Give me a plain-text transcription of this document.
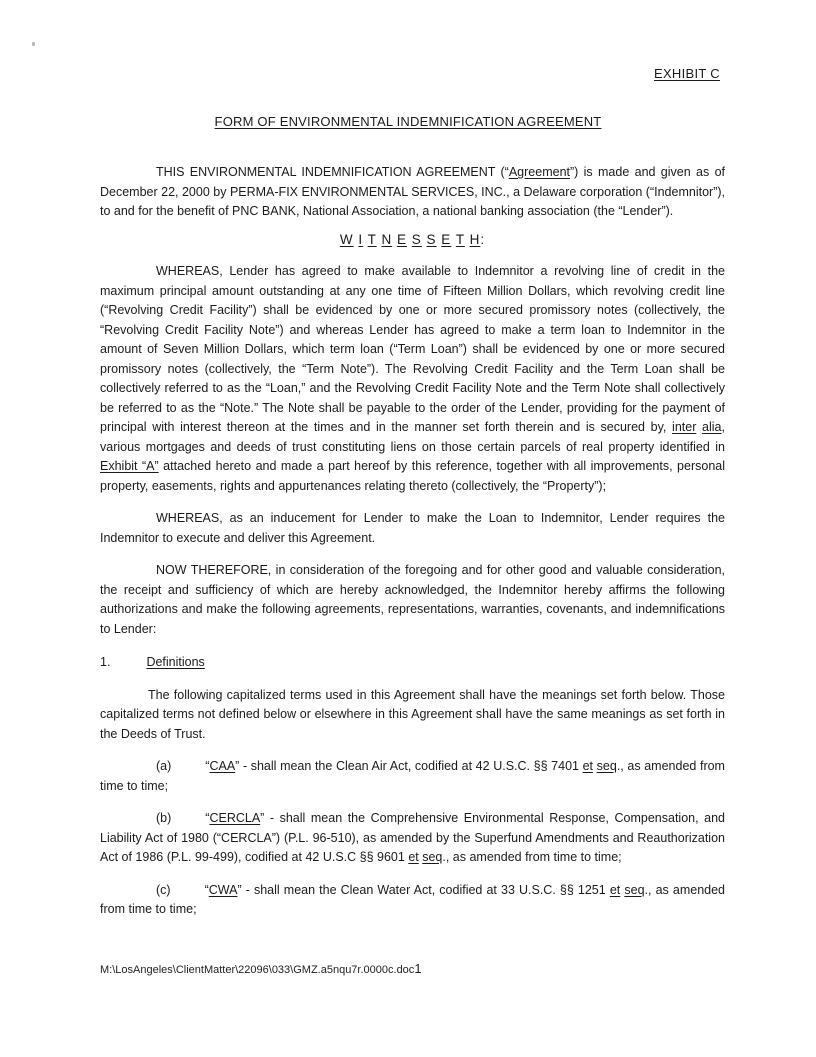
EXHIBIT C
FORM OF ENVIRONMENTAL INDEMNIFICATION AGREEMENT

THIS ENVIRONMENTAL INDEMNIFICATION AGREEMENT (“Agreement”) is made and given as of December 22, 2000 by PERMA-FIX ENVIRONMENTAL SERVICES, INC., a Delaware corporation (“Indemnitor”), to and for the benefit of PNC BANK, National Association, a national banking association (the “Lender”).

W I T N E S S E T H:

WHEREAS, Lender has agreed to make available to Indemnitor a revolving line of credit in the maximum principal amount outstanding at any one time of Fifteen Million Dollars, which revolving credit line (“Revolving Credit Facility”) shall be evidenced by one or more secured promissory notes (collectively, the “Revolving Credit Facility Note”) and whereas Lender has agreed to make a term loan to Indemnitor in the amount of Seven Million Dollars, which term loan (“Term Loan”) shall be evidenced by one or more secured promissory notes (collectively, the “Term Note”). The Revolving Credit Facility and the Term Loan shall be collectively referred to as the “Loan,” and the Revolving Credit Facility Note and the Term Note shall collectively be referred to as the “Note.” The Note shall be payable to the order of the Lender, providing for the payment of principal with interest thereon at the times and in the manner set forth therein and is secured by, inter alia, various mortgages and deeds of trust constituting liens on those certain parcels of real property identified in Exhibit “A” attached hereto and made a part hereof by this reference, together with all improvements, personal property, easements, rights and appurtenances relating thereto (collectively, the “Property”);

WHEREAS, as an inducement for Lender to make the Loan to Indemnitor, Lender requires the Indemnitor to execute and deliver this Agreement.

NOW THEREFORE, in consideration of the foregoing and for other good and valuable consideration, the receipt and sufficiency of which are hereby acknowledged, the Indemnitor hereby affirms the following authorizations and make the following agreements, representations, warranties, covenants, and indemnifications to Lender:

1.	Definitions

The following capitalized terms used in this Agreement shall have the meanings set forth below. Those capitalized terms not defined below or elsewhere in this Agreement shall have the same meanings as set forth in the Deeds of Trust.

(a)	“CAA” - shall mean the Clean Air Act, codified at 42 U.S.C. §§ 7401 et seq., as amended from time to time;

(b)	“CERCLA” - shall mean the Comprehensive Environmental Response, Compensation, and Liability Act of 1980 (“CERCLA”) (P.L. 96-510), as amended by the Superfund Amendments and Reauthorization Act of 1986 (P.L. 99-499), codified at 42 U.S.C §§ 9601 et seq., as amended from time to time;

(c)	“CWA” - shall mean the Clean Water Act, codified at 33 U.S.C. §§ 1251 et seq., as amended from time to time;

M:\LosAngeles\ClientMatter\22096\033\GMZ.a5nqu7r.0000c.doc1
